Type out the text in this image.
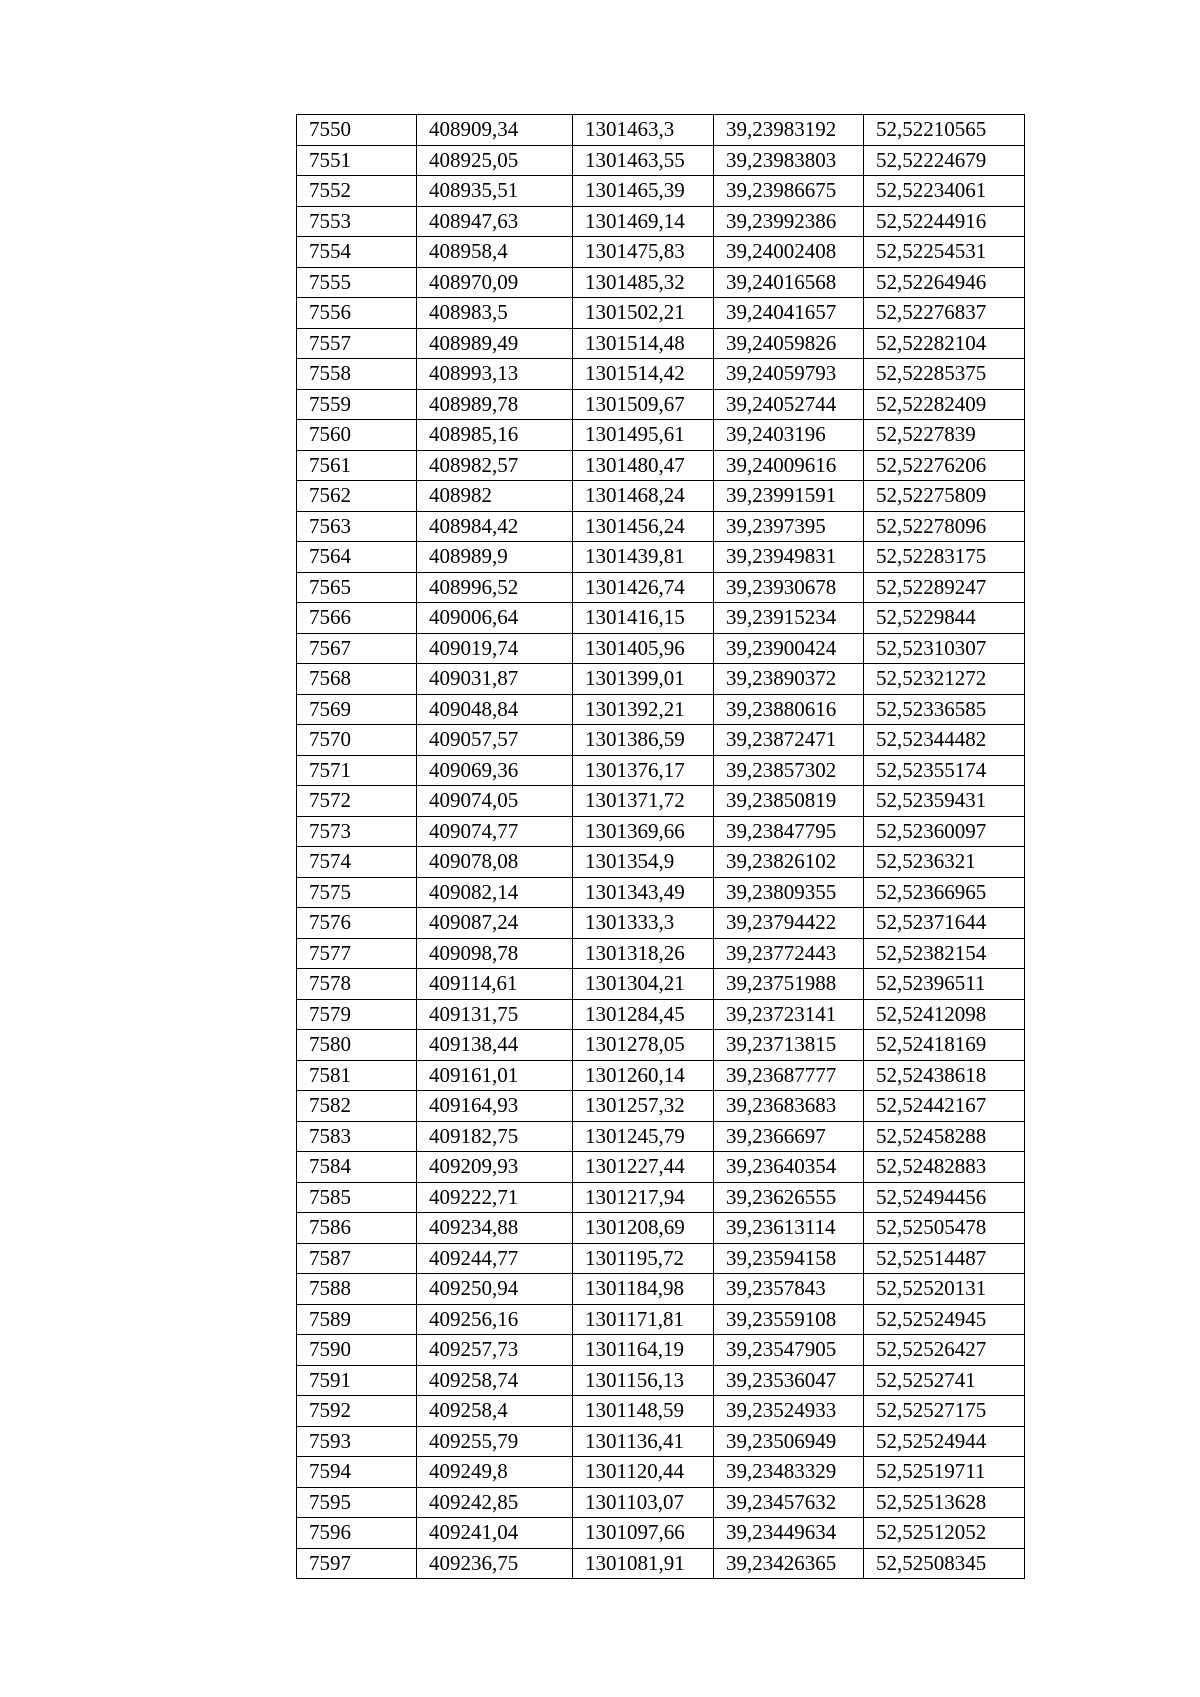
7550	408909,34	1301463,3	39,23983192	52,52210565
7551	408925,05	1301463,55	39,23983803	52,52224679
7552	408935,51	1301465,39	39,23986675	52,52234061
7553	408947,63	1301469,14	39,23992386	52,52244916
7554	408958,4	1301475,83	39,24002408	52,52254531
7555	408970,09	1301485,32	39,24016568	52,52264946
7556	408983,5	1301502,21	39,24041657	52,52276837
7557	408989,49	1301514,48	39,24059826	52,52282104
7558	408993,13	1301514,42	39,24059793	52,52285375
7559	408989,78	1301509,67	39,24052744	52,52282409
7560	408985,16	1301495,61	39,2403196	52,5227839
7561	408982,57	1301480,47	39,24009616	52,52276206
7562	408982	1301468,24	39,23991591	52,52275809
7563	408984,42	1301456,24	39,2397395	52,52278096
7564	408989,9	1301439,81	39,23949831	52,52283175
7565	408996,52	1301426,74	39,23930678	52,52289247
7566	409006,64	1301416,15	39,23915234	52,5229844
7567	409019,74	1301405,96	39,23900424	52,52310307
7568	409031,87	1301399,01	39,23890372	52,52321272
7569	409048,84	1301392,21	39,23880616	52,52336585
7570	409057,57	1301386,59	39,23872471	52,52344482
7571	409069,36	1301376,17	39,23857302	52,52355174
7572	409074,05	1301371,72	39,23850819	52,52359431
7573	409074,77	1301369,66	39,23847795	52,52360097
7574	409078,08	1301354,9	39,23826102	52,5236321
7575	409082,14	1301343,49	39,23809355	52,52366965
7576	409087,24	1301333,3	39,23794422	52,52371644
7577	409098,78	1301318,26	39,23772443	52,52382154
7578	409114,61	1301304,21	39,23751988	52,52396511
7579	409131,75	1301284,45	39,23723141	52,52412098
7580	409138,44	1301278,05	39,23713815	52,52418169
7581	409161,01	1301260,14	39,23687777	52,52438618
7582	409164,93	1301257,32	39,23683683	52,52442167
7583	409182,75	1301245,79	39,2366697	52,52458288
7584	409209,93	1301227,44	39,23640354	52,52482883
7585	409222,71	1301217,94	39,23626555	52,52494456
7586	409234,88	1301208,69	39,23613114	52,52505478
7587	409244,77	1301195,72	39,23594158	52,52514487
7588	409250,94	1301184,98	39,2357843	52,52520131
7589	409256,16	1301171,81	39,23559108	52,52524945
7590	409257,73	1301164,19	39,23547905	52,52526427
7591	409258,74	1301156,13	39,23536047	52,5252741
7592	409258,4	1301148,59	39,23524933	52,52527175
7593	409255,79	1301136,41	39,23506949	52,52524944
7594	409249,8	1301120,44	39,23483329	52,52519711
7595	409242,85	1301103,07	39,23457632	52,52513628
7596	409241,04	1301097,66	39,23449634	52,52512052
7597	409236,75	1301081,91	39,23426365	52,52508345
